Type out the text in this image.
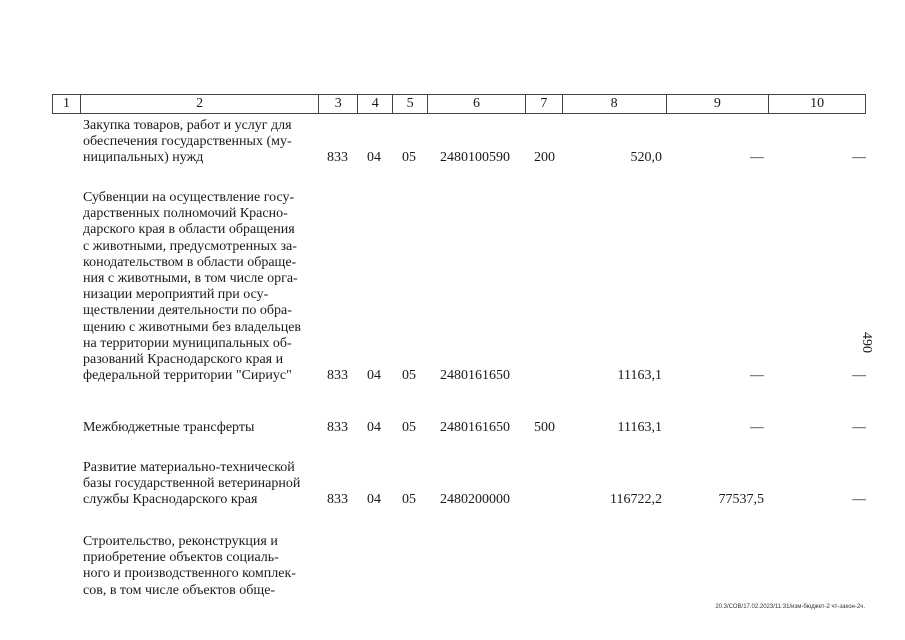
1	2	3	4	5	6	7	8	9	10
Закупка товаров, работ и услуг для
обеспечения государственных (му-
ниципальных) нужд	833 04 05 2480100590 200	520,0	—	—
Субвенции на осуществление госу-
дарственных полномочий Красно-
дарского края в области обращения
с животными, предусмотренных за-
конодательством в области обраще-
ния с животными, в том числе орга-
низации мероприятий при осу-
ществлении деятельности по обра-
щению с животными без владельцев
на территории муниципальных об-
разований Краснодарского края и
федеральной территории "Сириус"	833 04 05 2480161650	11163,1	—	—
Межбюджетные трансферты	833 04 05 2480161650 500	11163,1	—	—
Развитие материально-технической
базы государственной ветеринарной
службы Краснодарского края	833 04 05 2480200000	116722,2	77537,5	—
Строительство, реконструкция и
приобретение объектов социаль-
ного и производственного комплек-
сов, в том числе объектов обще-
490
20.3/СОВ/17.02.2023/11:31/изм-бюджет-2 чт-закон-2ч.
